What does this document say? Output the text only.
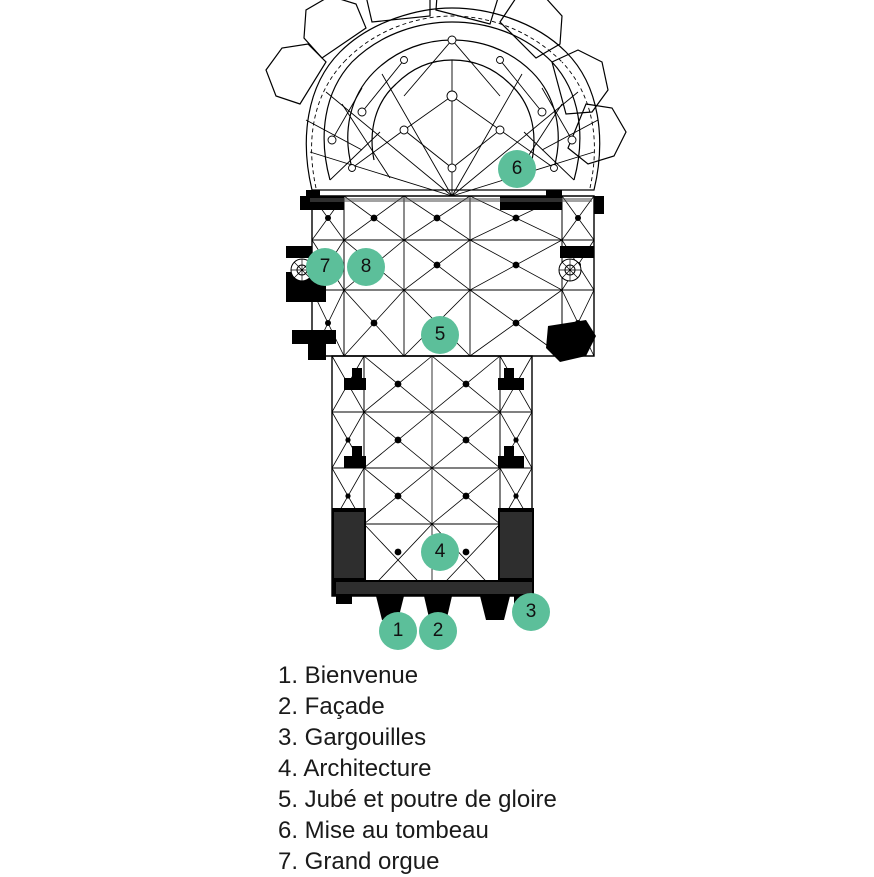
1	2
3
4
5
6
7	8
1. Bienvenue
2. Façade
3. Gargouilles
4. Architecture
5. Jubé et poutre de gloire
6. Mise au tombeau
7. Grand orgue
